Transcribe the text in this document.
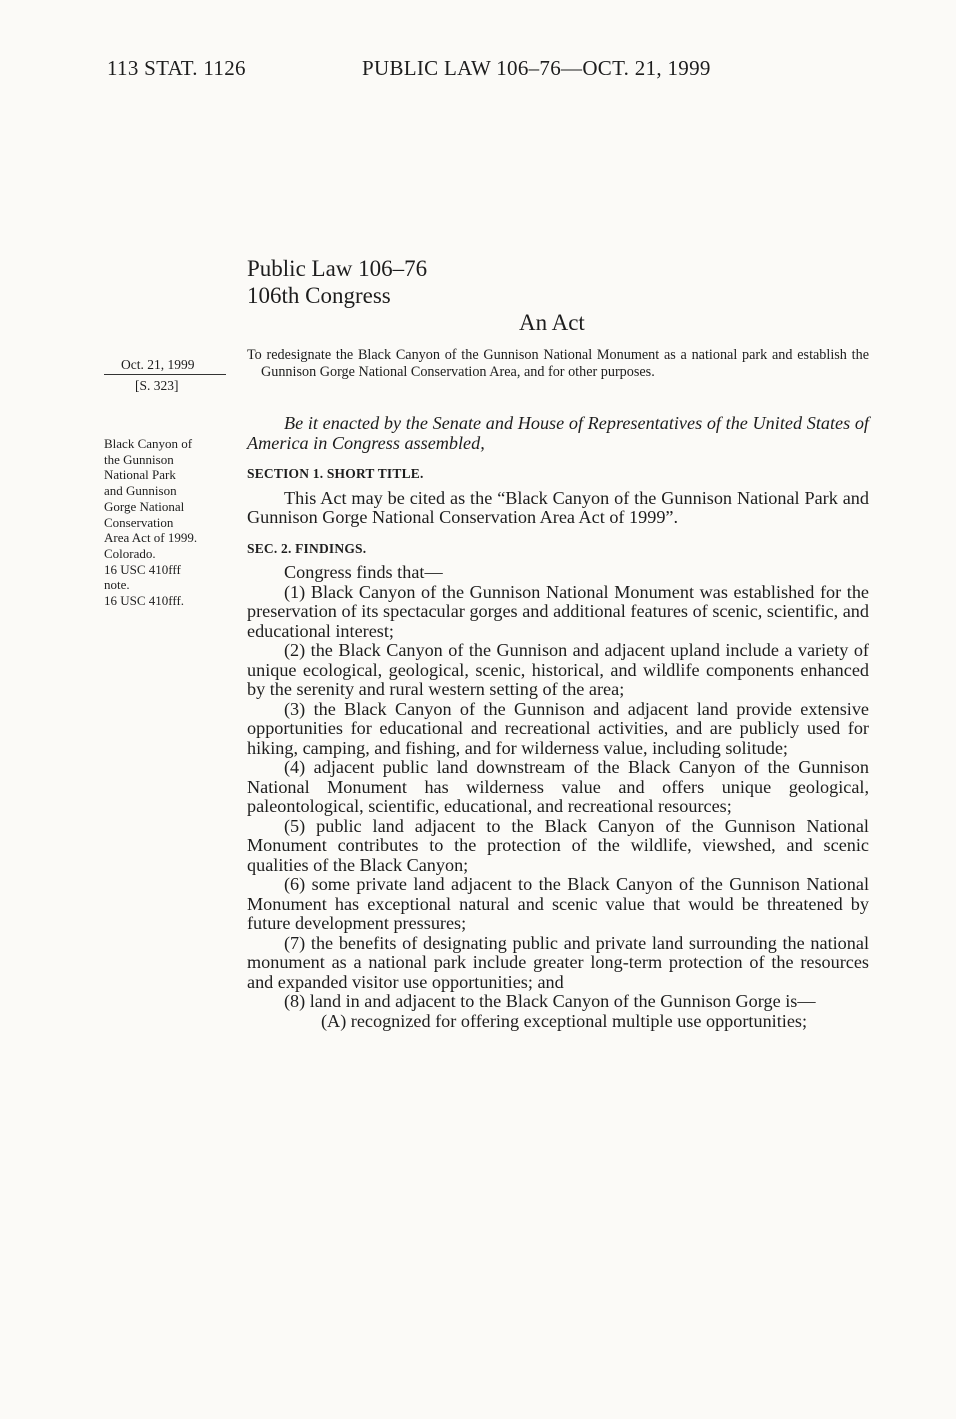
113 STAT. 1126	PUBLIC LAW 106–76—OCT. 21, 1999
Public Law 106–76
106th Congress
An Act
Oct. 21, 1999
[S. 323]
Black Canyon of
the Gunnison
National Park
and Gunnison
Gorge National
Conservation
Area Act of 1999.
Colorado.
16 USC 410fff
note.
16 USC 410fff.
To redesignate the Black Canyon of the Gunnison National Monument as a national park and establish the Gunnison Gorge National Conservation Area, and for other purposes.

Be it enacted by the Senate and House of Representatives of the United States of America in Congress assembled,

SECTION 1. SHORT TITLE.

This Act may be cited as the “Black Canyon of the Gunnison National Park and Gunnison Gorge National Conservation Area Act of 1999”.

SEC. 2. FINDINGS.

Congress finds that—

(1) Black Canyon of the Gunnison National Monument was established for the preservation of its spectacular gorges and additional features of scenic, scientific, and educational interest;

(2) the Black Canyon of the Gunnison and adjacent upland include a variety of unique ecological, geological, scenic, historical, and wildlife components enhanced by the serenity and rural western setting of the area;

(3) the Black Canyon of the Gunnison and adjacent land provide extensive opportunities for educational and recreational activities, and are publicly used for hiking, camping, and fishing, and for wilderness value, including solitude;

(4) adjacent public land downstream of the Black Canyon of the Gunnison National Monument has wilderness value and offers unique geological, paleontological, scientific, educational, and recreational resources;

(5) public land adjacent to the Black Canyon of the Gunnison National Monument contributes to the protection of the wildlife, viewshed, and scenic qualities of the Black Canyon;

(6) some private land adjacent to the Black Canyon of the Gunnison National Monument has exceptional natural and scenic value that would be threatened by future development pressures;

(7) the benefits of designating public and private land surrounding the national monument as a national park include greater long-term protection of the resources and expanded visitor use opportunities; and

(8) land in and adjacent to the Black Canyon of the Gunnison Gorge is—

(A) recognized for offering exceptional multiple use opportunities;
